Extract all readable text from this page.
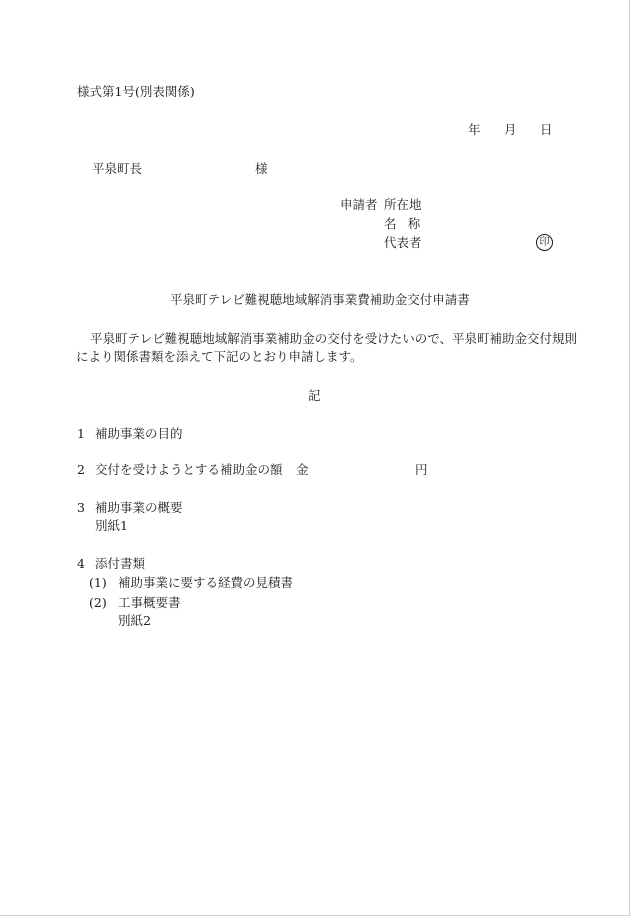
様式第1号(別表関係)
年 月 日
平泉町長	様
申請者 所在地
名称
代表者	印
平泉町テレビ難視聴地域解消事業費補助金交付申請書
平泉町テレビ難視聴地域解消事業補助金の交付を受けたいので、平泉町補助金交付規則
により関係書類を添えて下記のとおり申請します。
記
1 補助事業の目的
2 交付を受けようとする補助金の額 金	円
3 補助事業の概要
別紙1
4 添付書類
(1) 補助事業に要する経費の見積書
(2) 工事概要書
別紙2
